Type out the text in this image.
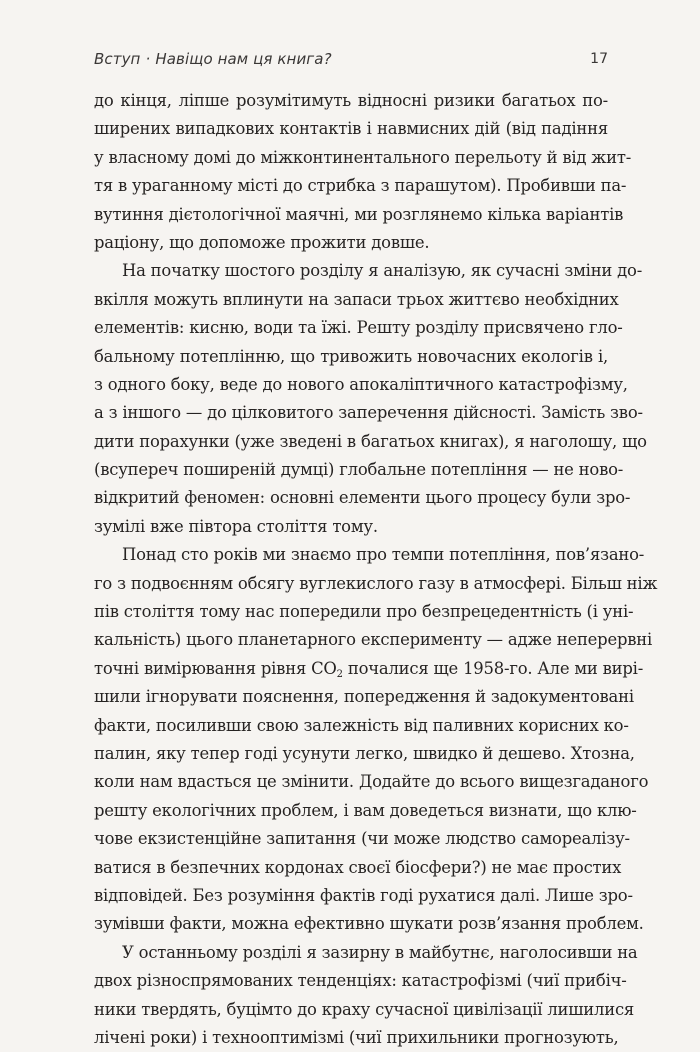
Вступ · Навіщо нам ця книга?	17
до кінця, ліпше розумітимуть відносні ризики багатьох по-
ширених випадкових контактів і навмисних дій (від падіння
у власному домі до міжконтинентального перельоту й від жит-
тя в ураганному місті до стрибка з парашутом). Пробивши па-
вутиння дієтологічної маячні, ми розглянемо кілька варіантів
раціону, що допоможе прожити довше.
На початку шостого розділу я аналізую, як сучасні зміни до-
вкілля можуть вплинути на запаси трьох життєво необхідних
елементів: кисню, води та їжі. Решту розділу присвячено гло-
бальному потеплінню, що тривожить новочасних екологів і,
з одного боку, веде до нового апокаліптичного катастрофізму,
а з іншого — до цілковитого заперечення дійсності. Замість зво-
дити порахунки (уже зведені в багатьох книгах), я наголошу, що
(всупереч поширеній думці) глобальне потепління — не ново-
відкритий феномен: основні елементи цього процесу були зро-
зумілі вже півтора століття тому.
Понад сто років ми знаємо про темпи потепління, пов’язано-
го з подвоєнням обсягу вуглекислого газу в атмосфері. Більш ніж
пів століття тому нас попередили про безпрецедентність (і уні-
кальність) цього планетарного експерименту — адже неперервні
точні вимірювання рівня $CO_2$ почалися ще 1958-го. Але ми вирі-
шили ігнорувати пояснення, попередження й задокументовані
факти, посиливши свою залежність від паливних корисних ко-
палин, яку тепер годі усунути легко, швидко й дешево. Хтозна,
коли нам вдасться це змінити. Додайте до всього вищезгаданого
решту екологічних проблем, і вам доведеться визнати, що клю-
чове екзистенційне запитання (чи може людство самореалізу-
ватися в безпечних кордонах своєї біосфери?) не має простих
відповідей. Без розуміння фактів годі рухатися далі. Лише зро-
зумівши факти, можна ефективно шукати розв’язання проблем.
У останньому розділі я зазирну в майбутнє, наголосивши на
двох різноспрямованих тенденціях: катастрофізмі (чиї прибіч-
ники твердять, буцімто до краху сучасної цивілізації лишилися
лічені роки) і технооптимізмі (чиї прихильники прогнозують,
